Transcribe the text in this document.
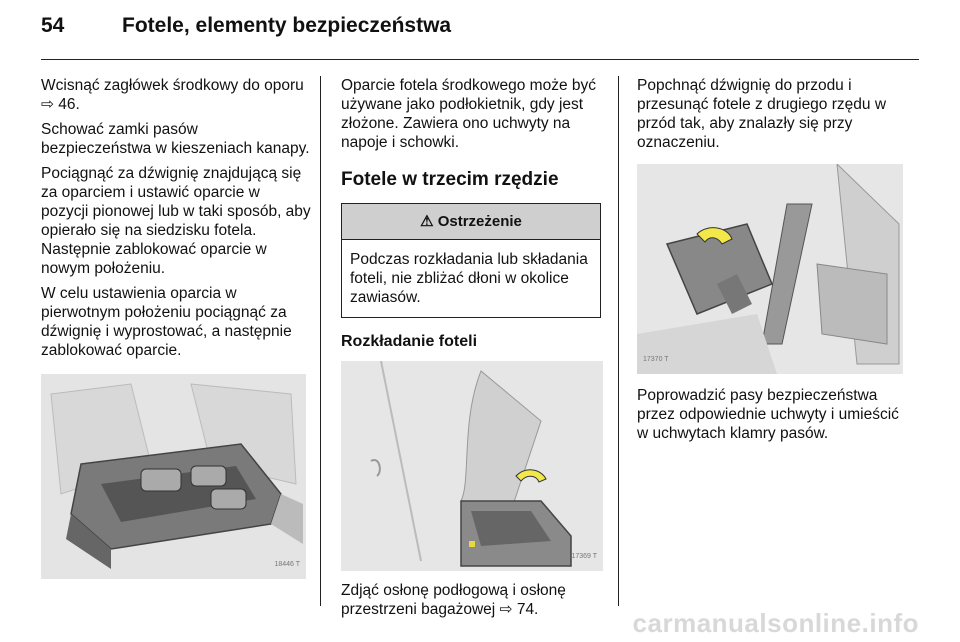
54	Fotele, elementy bezpieczeństwa

Wcisnąć zagłówek środkowy do oporu ⇨ 46.

Schować zamki pasów bezpieczeństwa w kieszeniach kanapy.

Pociągnąć za dźwignię znajdującą się za oparciem i ustawić oparcie w pozycji pionowej lub w taki sposób, aby opierało się na siedzisku fotela. Następnie zablokować oparcie w nowym położeniu.

W celu ustawienia oparcia w pierwotnym położeniu pociągnąć za dźwignię i wyprostować, a następnie zablokować oparcie.

18446 T

Oparcie fotela środkowego może być używane jako podłokietnik, gdy jest złożone. Zawiera ono uchwyty na napoje i schowki.

Fotele w trzecim rzędzie
⚠ Ostrzeżenie
Podczas rozkładania lub składania foteli, nie zbliżać dłoni w okolice zawiasów.
Rozkładanie foteli
17369 T

Zdjąć osłonę podłogową i osłonę przestrzeni bagażowej ⇨ 74.

Popchnąć dźwignię do przodu i przesunąć fotele z drugiego rzędu w przód tak, aby znalazły się przy oznaczeniu.

17370 T

Poprowadzić pasy bezpieczeństwa przez odpowiednie uchwyty i umieścić w uchwytach klamry pasów.

carmanualsonline.info
